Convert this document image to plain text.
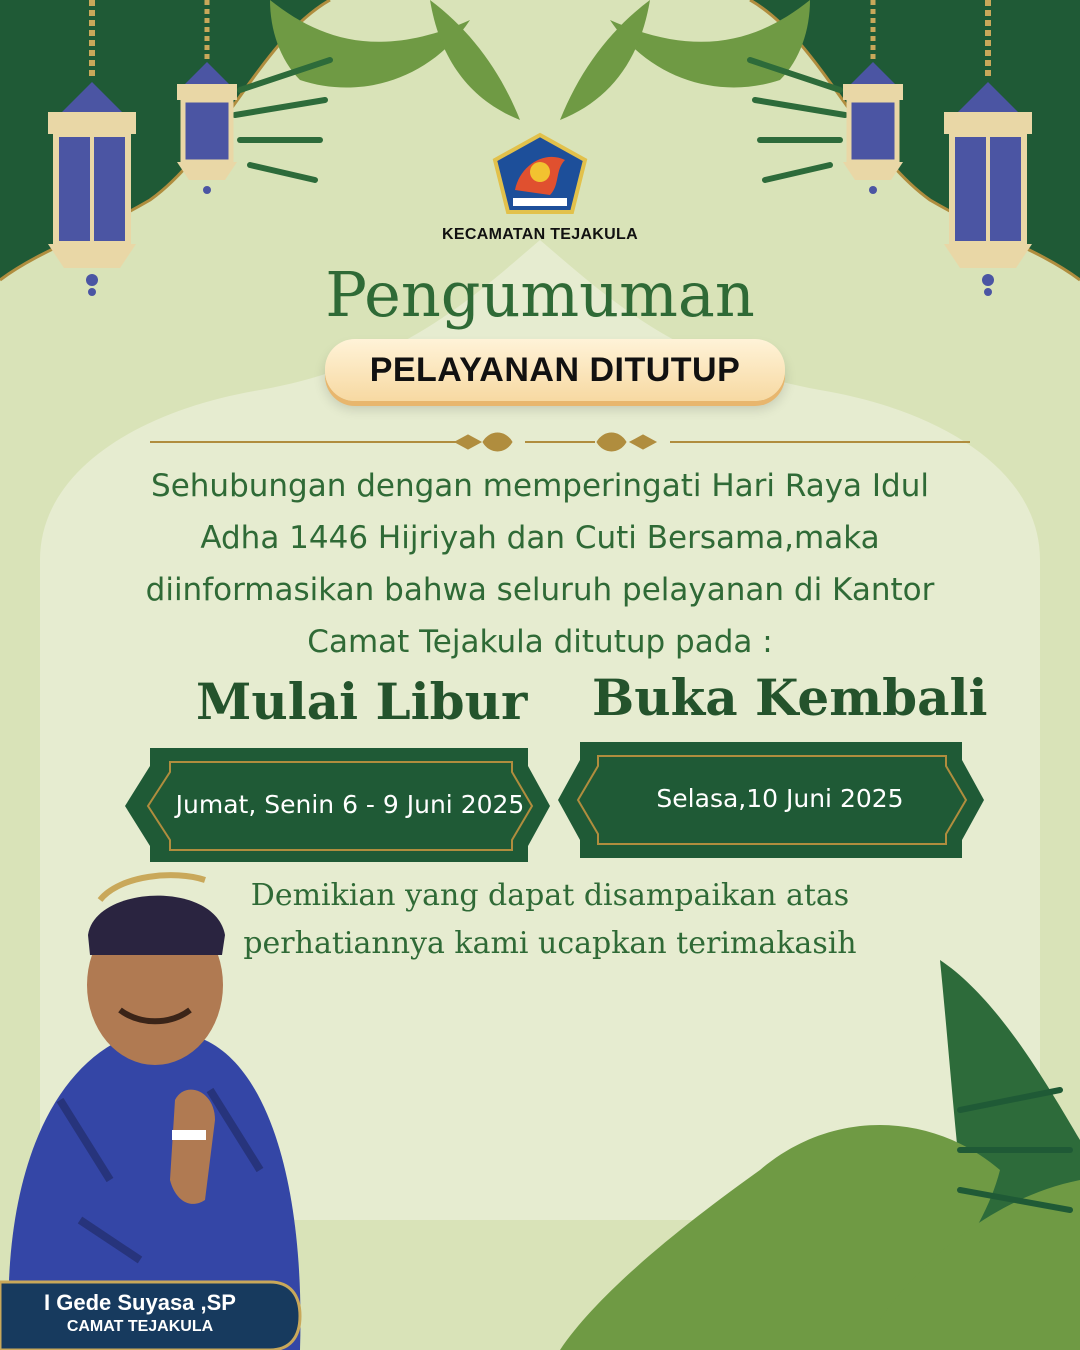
KECAMATAN TEJAKULA
Pengumuman
PELAYANAN DITUTUP
Sehubungan dengan memperingati Hari Raya Idul
Adha 1446 Hijriyah dan Cuti Bersama,maka
diinformasikan bahwa seluruh pelayanan di Kantor
Camat Tejakula ditutup pada :
Mulai Libur Buka Kembali
Jumat, Senin 6 - 9 Juni 2025	Selasa,10 Juni 2025
Demikian yang dapat disampaikan atas
perhatiannya kami ucapkan terimakasih
I Gede Suyasa ,SP
CAMAT TEJAKULA
